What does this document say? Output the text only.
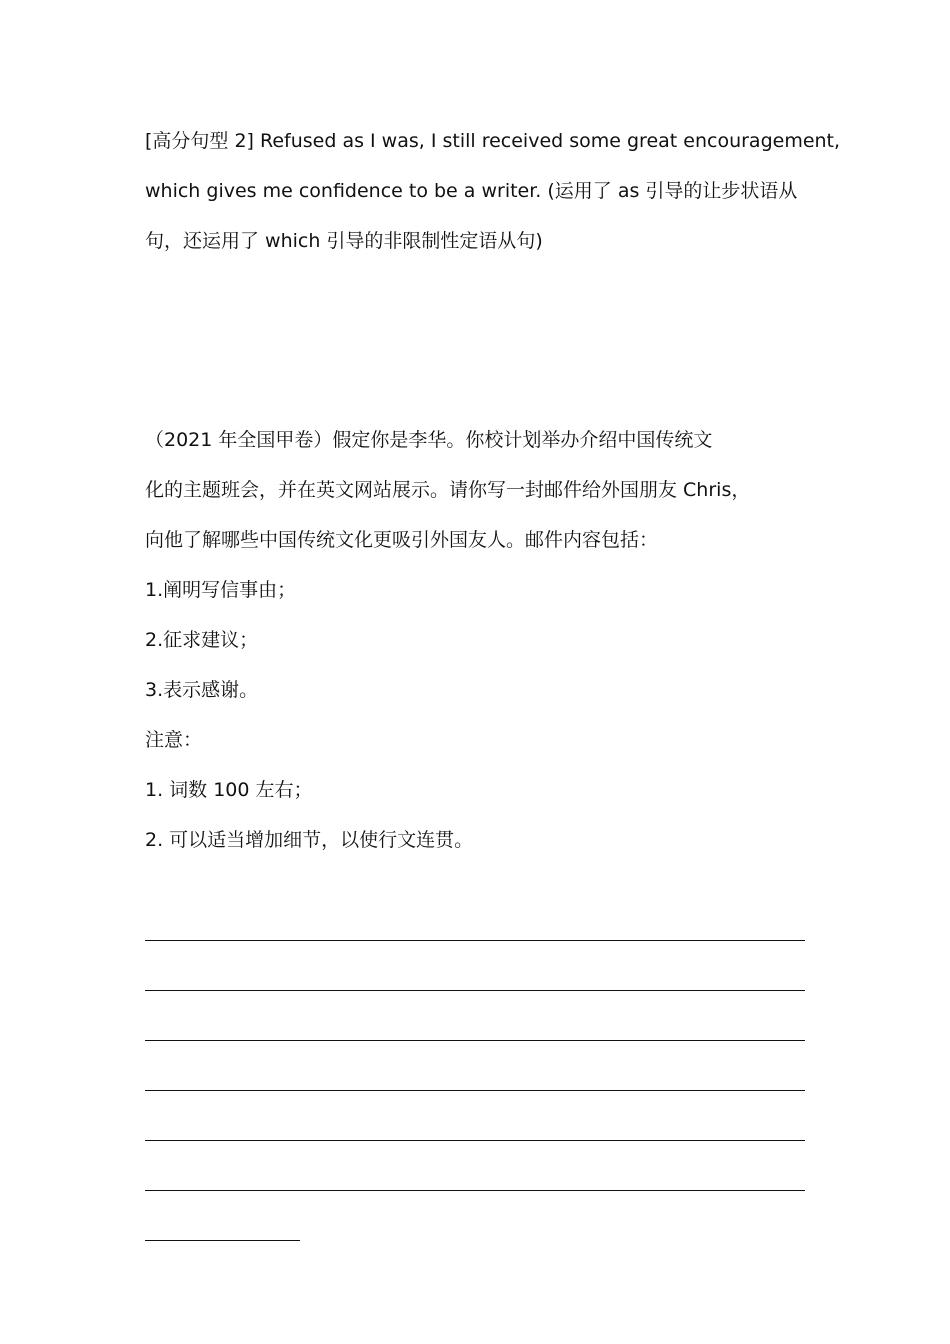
[高分句型 2] Refused as I was, I still received some great encouragement,
which gives me confidence to be a writer. (运用了 as 引导的让步状语从
句，还运用了 which 引导的非限制性定语从句)
（2021 年全国甲卷）假定你是李华。你校计划举办介绍中国传统文
化的主题班会，并在英文网站展示。请你写一封邮件给外国朋友 Chris，
向他了解哪些中国传统文化更吸引外国友人。邮件内容包括：
1.阐明写信事由；
2.征求建议；
3.表示感谢。
注意：
1. 词数 100 左右；
2. 可以适当增加细节，以使行文连贯。
